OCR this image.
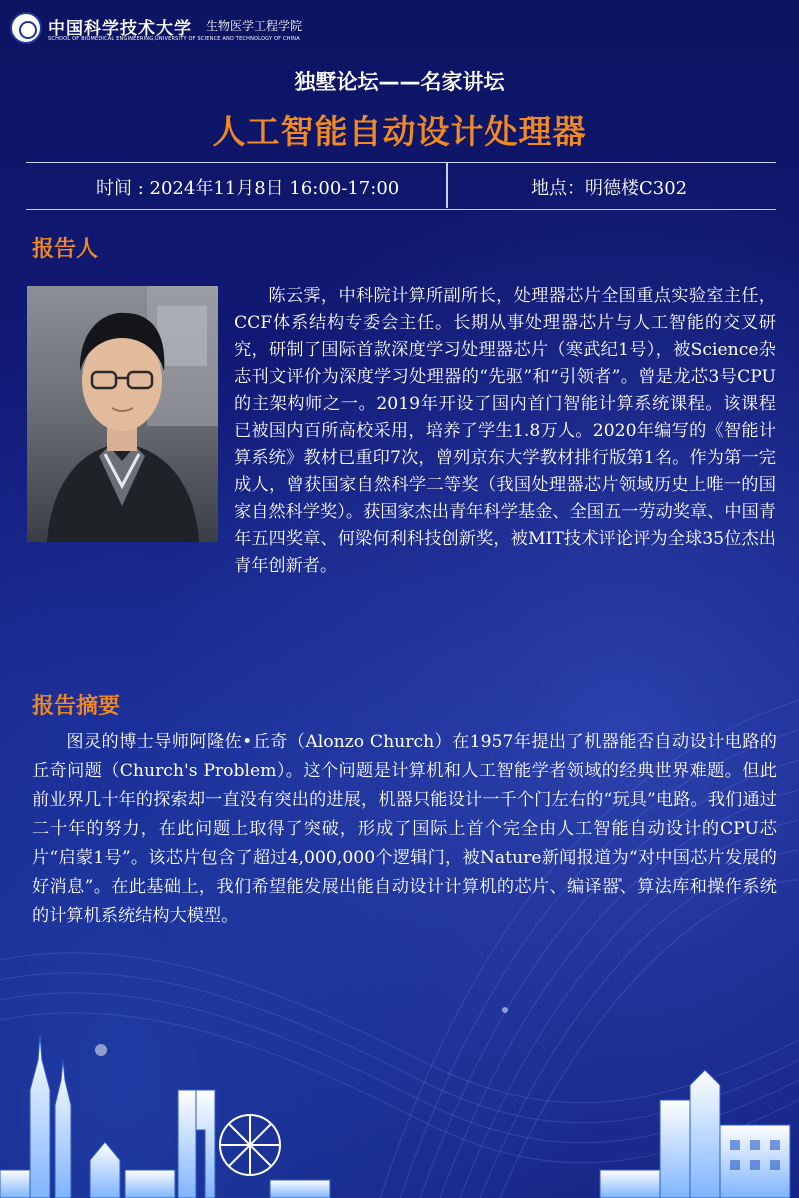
中国科学技术大学 生物医学工程学院
SCHOOL OF BIOMEDICAL ENGINEERING,UNIVERSITY OF SCIENCE AND TECHNOLOGY OF CHINA
独墅论坛——名家讲坛
人工智能自动设计处理器
时间 : 2024年11月8日 16:00-17:00	地点：明德楼C302
报告人
陈云霁，中科院计算所副所长，处理器芯片全国重点实验室主任，CCF体系结构专委会主任。长期从事处理器芯片与人工智能的交叉研究，研制了国际首款深度学习处理器芯片（寒武纪1号），被Science杂志刊文评价为深度学习处理器的“先驱”和“引领者”。曾是龙芯3号CPU的主架构师之一。2019年开设了国内首门智能计算系统课程。该课程已被国内百所高校采用，培养了学生1.8万人。2020年编写的《智能计算系统》教材已重印7次，曾列京东大学教材排行版第1名。作为第一完成人，曾获国家自然科学二等奖（我国处理器芯片领域历史上唯一的国家自然科学奖）。获国家杰出青年科学基金、全国五一劳动奖章、中国青年五四奖章、何梁何利科技创新奖，被MIT技术评论评为全球35位杰出青年创新者。
报告摘要
图灵的博士导师阿隆佐•丘奇（Alonzo Church）在1957年提出了机器能否自动设计电路的丘奇问题（Church's Problem）。这个问题是计算机和人工智能学者领域的经典世界难题。但此前业界几十年的探索却一直没有突出的进展，机器只能设计一千个门左右的“玩具”电路。我们通过二十年的努力，在此问题上取得了突破，形成了国际上首个完全由人工智能自动设计的CPU芯片“启蒙1号”。该芯片包含了超过4,000,000个逻辑门，被Nature新闻报道为“对中国芯片发展的好消息”。在此基础上，我们希望能发展出能自动设计计算机的芯片、编译器、算法库和操作系统的计算机系统结构大模型。
